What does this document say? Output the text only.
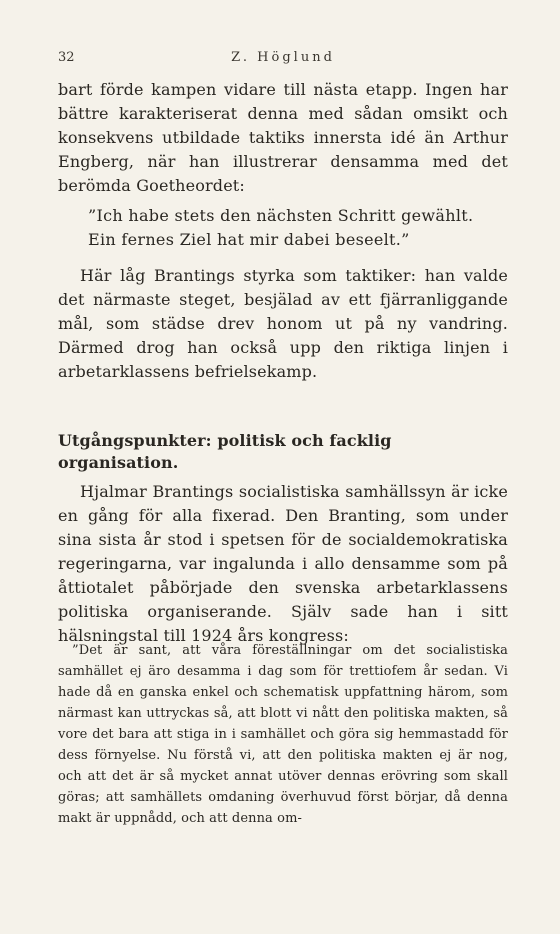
32	Z. Höglund

bart förde kampen vidare till nästa etapp. Ingen har bättre karakteriserat denna med sådan omsikt och konsekvens utbildade taktiks innersta idé än Arthur Engberg, när han illustrerar densamma med det berömda Goetheordet:

”Ich habe stets den nächsten Schritt gewählt.

Ein fernes Ziel hat mir dabei beseelt.”

Här låg Brantings styrka som taktiker: han valde det närmaste steget, besjälad av ett fjärranliggande mål, som städse drev honom ut på ny vandring. Därmed drog han också upp den riktiga linjen i arbetarklassens befrielsekamp.

Utgångspunkter: politisk och facklig organisation.

Hjalmar Brantings socialistiska samhällssyn är icke en gång för alla fixerad. Den Branting, som under sina sista år stod i spetsen för de socialdemokratiska regeringarna, var ingalunda i allo densamme som på åttiotalet påbörjade den svenska arbetarklassens politiska organiserande. Själv sade han i sitt hälsningstal till 1924 års kongress:

”Det är sant, att våra föreställningar om det socialistiska samhället ej äro desamma i dag som för trettiofem år sedan. Vi hade då en ganska enkel och schematisk uppfattning härom, som närmast kan uttryckas så, att blott vi nått den politiska makten, så vore det bara att stiga in i samhället och göra sig hemmastadd för dess förnyelse. Nu förstå vi, att den politiska makten ej är nog, och att det är så mycket annat utöver dennas erövring som skall göras; att samhällets omdaning överhuvud först börjar, då denna makt är uppnådd, och att denna om-
